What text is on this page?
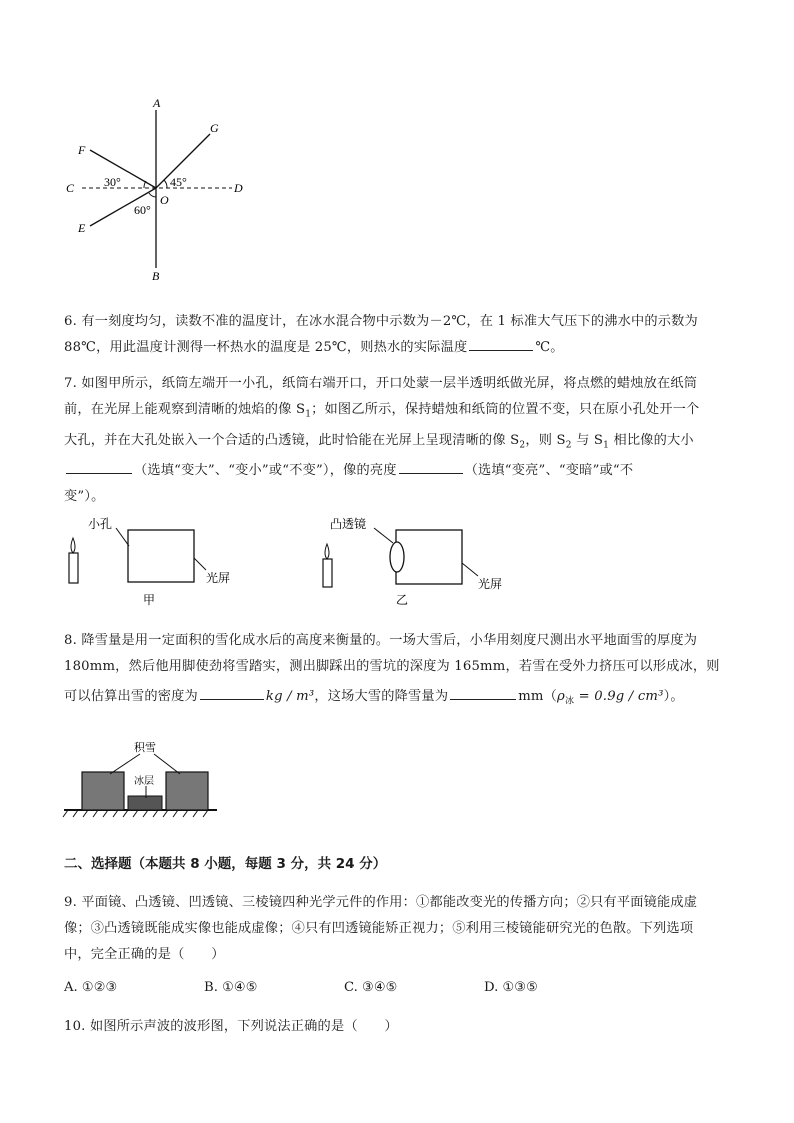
A
B
C	D
E
F
G
O
30°	45°
60°
6. 有一刻度均匀，读数不准的温度计，在冰水混合物中示数为－2℃，在 1 标准大气压下的沸水中的示数为 88℃，用此温度计测得一杯热水的温度是 25℃，则热水的实际温度	℃。
7. 如图甲所示，纸筒左端开一小孔，纸筒右端开口，开口处蒙一层半透明纸做光屏，将点燃的蜡烛放在纸筒
前，在光屏上能观察到清晰的烛焰的像 $S_1$；如图乙所示，保持蜡烛和纸筒的位置不变，只在原小孔处开一个
大孔，并在大孔处嵌入一个合适的凸透镜，此时恰能在光屏上呈现清晰的像 $S_2$，则 $S_2$ 与 $S_1$ 相比像的大小
（选填“变大”、“变小”或“不变”），像的亮度	（选填“变亮”、“变暗”或“不
变”）。
小孔
光屏
甲
凸透镜
光屏
乙
8. 降雪量是用一定面积的雪化成水后的高度来衡量的。一场大雪后，小华用刻度尺测出水平地面雪的厚度为
180mm，然后他用脚使劲将雪踏实，测出脚踩出的雪坑的深度为 165mm，若雪在受外力挤压可以形成冰，则
可以估算出雪的密度为	kg / m³，这场大雪的降雪量为	$mm(\rho_冰 = 0.9g / cm^3)$。
积雪
冰层
二、选择题（本题共 8 小题，每题 3 分，共 24 分）
9. 平面镜、凸透镜、凹透镜、三棱镜四种光学元件的作用：①都能改变光的传播方向；②只有平面镜能成虚
像；③凸透镜既能成实像也能成虚像；④只有凹透镜能矫正视力；⑤利用三棱镜能研究光的色散。下列选项
中，完全正确的是（　　）
A. ①②③	B. ①④⑤	C. ③④⑤	D. ①③⑤
10. 如图所示声波的波形图，下列说法正确的是（　　）
